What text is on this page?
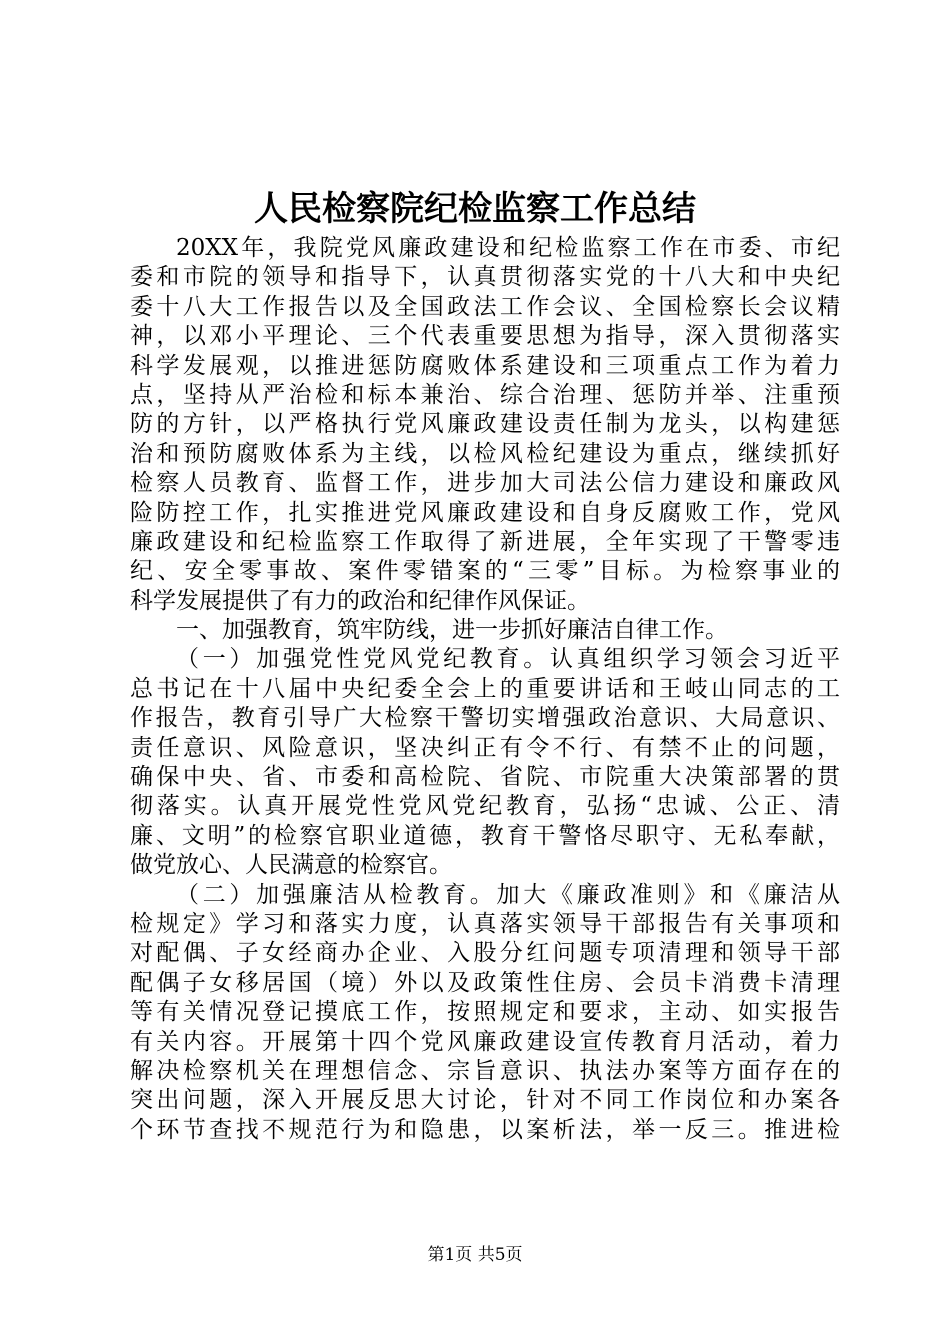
人民检察院纪检监察工作总结
20XX年，我院党风廉政建设和纪检监察工作在市委、市纪
委和市院的领导和指导下，认真贯彻落实党的十八大和中央纪
委十八大工作报告以及全国政法工作会议、全国检察长会议精
神，以邓小平理论、三个代表重要思想为指导，深入贯彻落实
科学发展观，以推进惩防腐败体系建设和三项重点工作为着力
点，坚持从严治检和标本兼治、综合治理、惩防并举、注重预
防的方针，以严格执行党风廉政建设责任制为龙头，以构建惩
治和预防腐败体系为主线，以检风检纪建设为重点，继续抓好
检察人员教育、监督工作，进步加大司法公信力建设和廉政风
险防控工作，扎实推进党风廉政建设和自身反腐败工作，党风
廉政建设和纪检监察工作取得了新进展，全年实现了干警零违
纪、安全零事故、案件零错案的“三零”目标。为检察事业的
科学发展提供了有力的政治和纪律作风保证。
一、加强教育，筑牢防线，进一步抓好廉洁自律工作。
（一）加强党性党风党纪教育。认真组织学习领会习近平
总书记在十八届中央纪委全会上的重要讲话和王岐山同志的工
作报告，教育引导广大检察干警切实增强政治意识、大局意识、
责任意识、风险意识，坚决纠正有令不行、有禁不止的问题，
确保中央、省、市委和高检院、省院、市院重大决策部署的贯
彻落实。认真开展党性党风党纪教育，弘扬“忠诚、公正、清
廉、文明”的检察官职业道德，教育干警恪尽职守、无私奉献，
做党放心、人民满意的检察官。
（二）加强廉洁从检教育。加大《廉政准则》和《廉洁从
检规定》学习和落实力度，认真落实领导干部报告有关事项和
对配偶、子女经商办企业、入股分红问题专项清理和领导干部
配偶子女移居国（境）外以及政策性住房、会员卡消费卡清理
等有关情况登记摸底工作，按照规定和要求，主动、如实报告
有关内容。开展第十四个党风廉政建设宣传教育月活动，着力
解决检察机关在理想信念、宗旨意识、执法办案等方面存在的
突出问题，深入开展反思大讨论，针对不同工作岗位和办案各
个环节查找不规范行为和隐患，以案析法，举一反三。推进检
第1页 共5页
